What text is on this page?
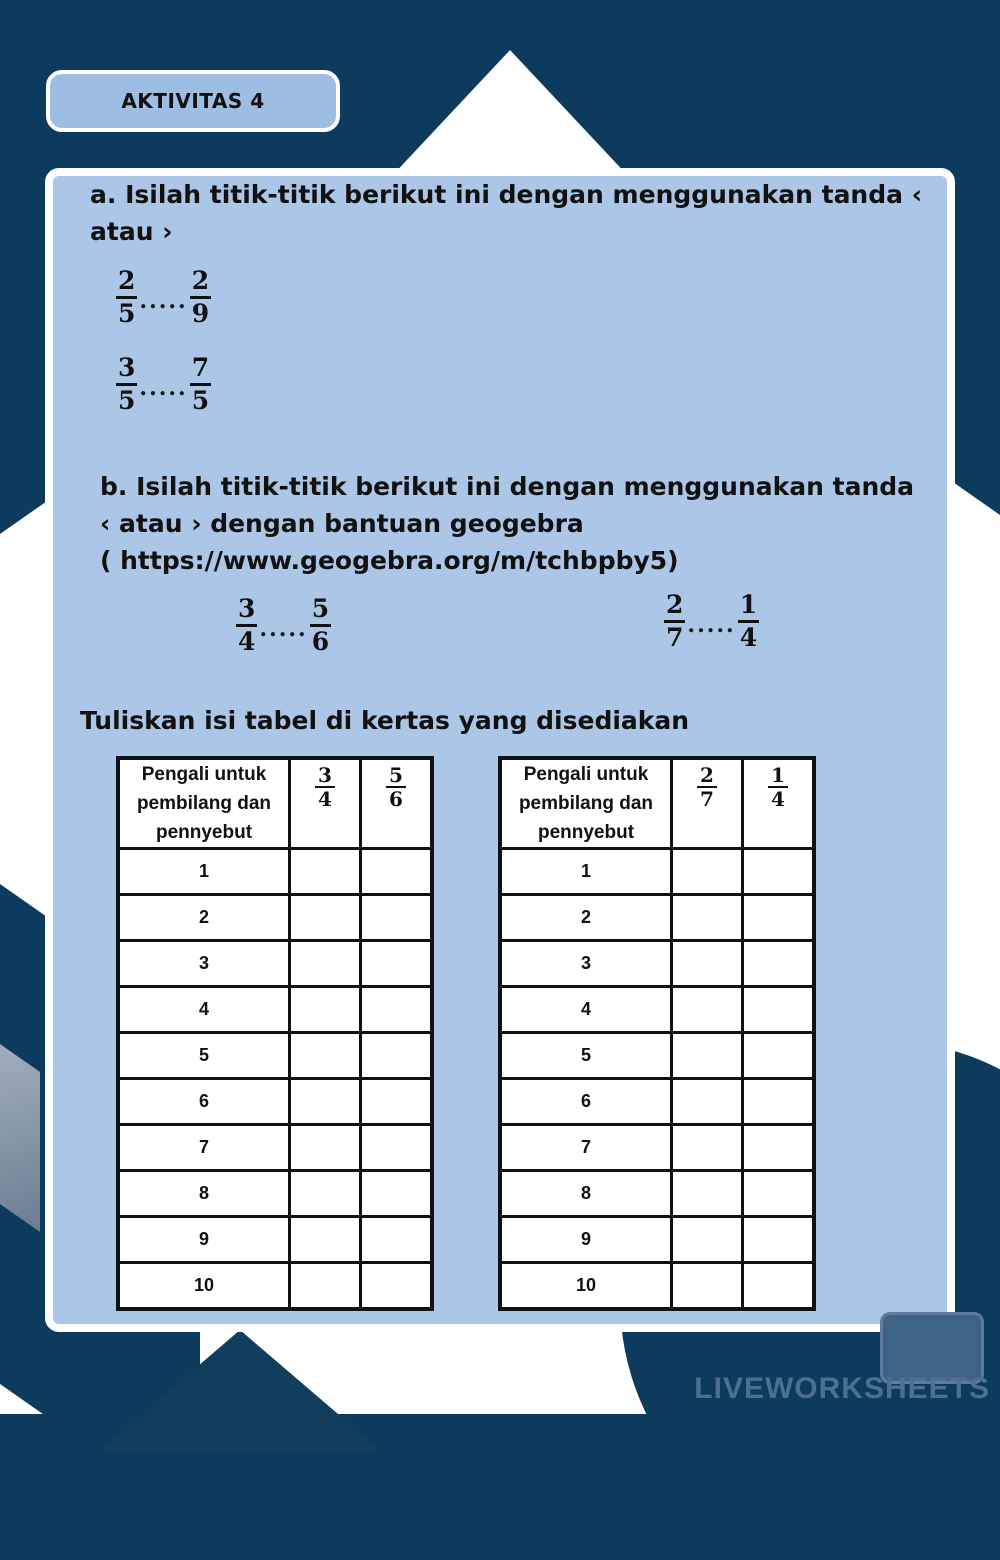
AKTIVITAS 4
a. Isilah titik-titik berikut ini dengan menggunakan tanda ‹ atau ›
$\frac{2}{5}$ ..... $\frac{2}{9}$
$\frac{3}{5}$ ..... $\frac{7}{5}$
b. Isilah titik-titik berikut ini dengan menggunakan tanda
‹ atau › dengan bantuan geogebra
( https://www.geogebra.org/m/tchbpby5)
$\frac{3}{4}$ ..... $\frac{5}{6}$	$\frac{2}{7}$ ..... $\frac{1}{4}$
Tuliskan isi tabel di kertas yang disediakan
Pengali untuk pembilang dan pennyebut	$\frac{3}{4}$	$\frac{5}{6}$

1		
2		
3		
4		
5		
6		
7		
8		
9		
10		
Pengali untuk pembilang dan pennyebut	$\frac{2}{7}$	$\frac{1}{4}$

1		
2		
3		
4		
5		
6		
7		
8		
9		
10		
LIVEWORKSHEETS
